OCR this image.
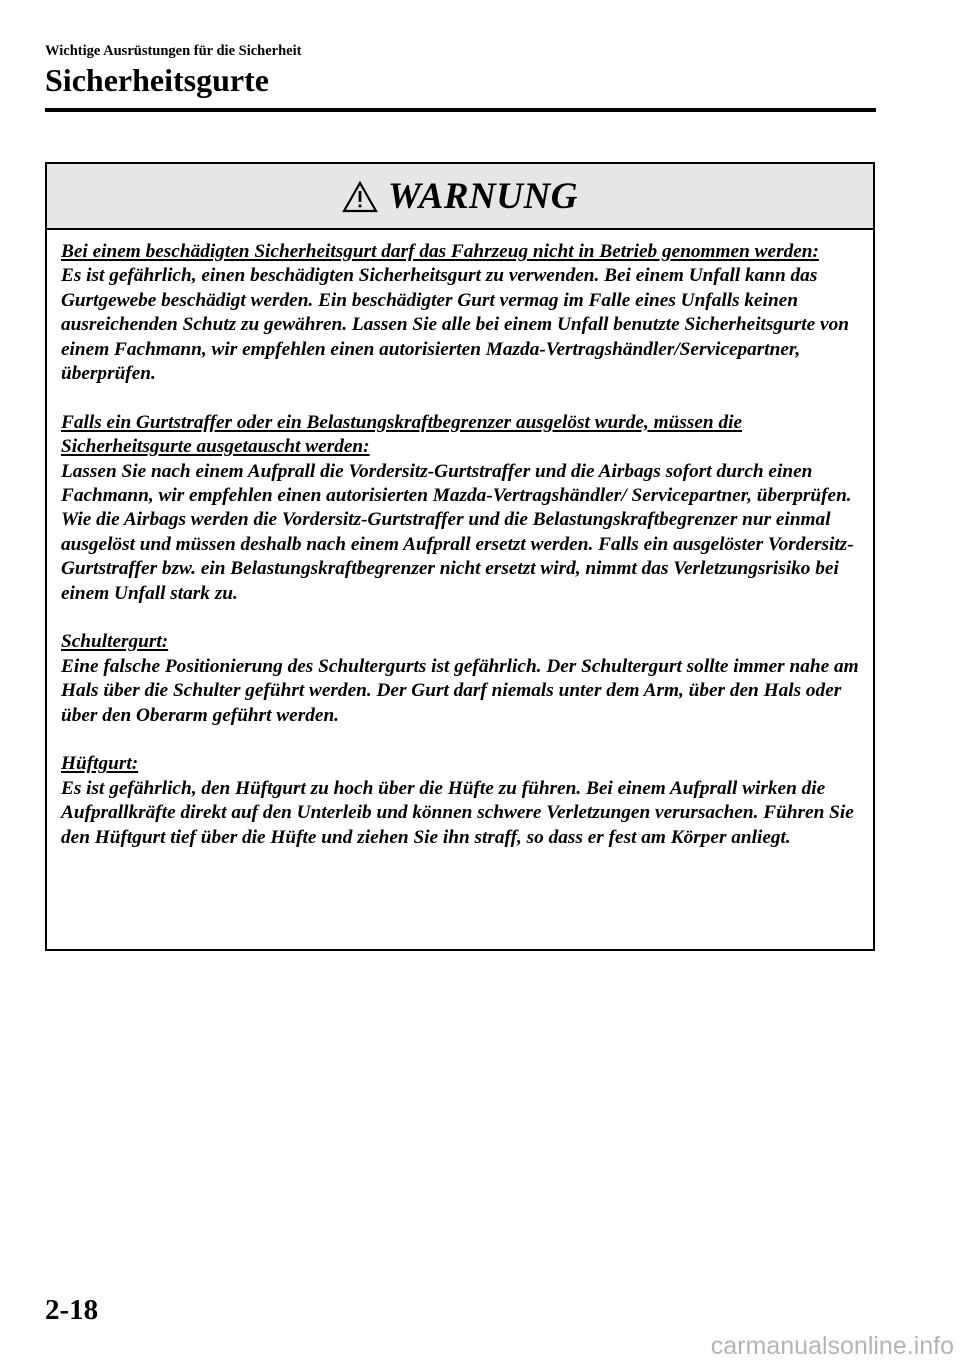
Wichtige Ausrüstungen für die Sicherheit
Sicherheitsgurte
WARNUNG
Bei einem beschädigten Sicherheitsgurt darf das Fahrzeug nicht in Betrieb genommen werden:
Es ist gefährlich, einen beschädigten Sicherheitsgurt zu verwenden. Bei einem Unfall kann das Gurtgewebe beschädigt werden. Ein beschädigter Gurt vermag im Falle eines Unfalls keinen ausreichenden Schutz zu gewähren. Lassen Sie alle bei einem Unfall benutzte Sicherheitsgurte von einem Fachmann, wir empfehlen einen autorisierten Mazda-Vertragshändler/Servicepartner, überprüfen.
Falls ein Gurtstraffer oder ein Belastungskraftbegrenzer ausgelöst wurde, müssen die Sicherheitsgurte ausgetauscht werden:
Lassen Sie nach einem Aufprall die Vordersitz-Gurtstraffer und die Airbags sofort durch einen Fachmann, wir empfehlen einen autorisierten Mazda-Vertragshändler/ Servicepartner, überprüfen. Wie die Airbags werden die Vordersitz-Gurtstraffer und die Belastungskraftbegrenzer nur einmal ausgelöst und müssen deshalb nach einem Aufprall ersetzt werden. Falls ein ausgelöster Vordersitz-Gurtstraffer bzw. ein Belastungskraftbegrenzer nicht ersetzt wird, nimmt das Verletzungsrisiko bei einem Unfall stark zu.
Schultergurt:
Eine falsche Positionierung des Schultergurts ist gefährlich. Der Schultergurt sollte immer nahe am Hals über die Schulter geführt werden. Der Gurt darf niemals unter dem Arm, über den Hals oder über den Oberarm geführt werden.
Hüftgurt:
Es ist gefährlich, den Hüftgurt zu hoch über die Hüfte zu führen. Bei einem Aufprall wirken die Aufprallkräfte direkt auf den Unterleib und können schwere Verletzungen verursachen. Führen Sie den Hüftgurt tief über die Hüfte und ziehen Sie ihn straff, so dass er fest am Körper anliegt.
2-18
carmanualsonline.info
